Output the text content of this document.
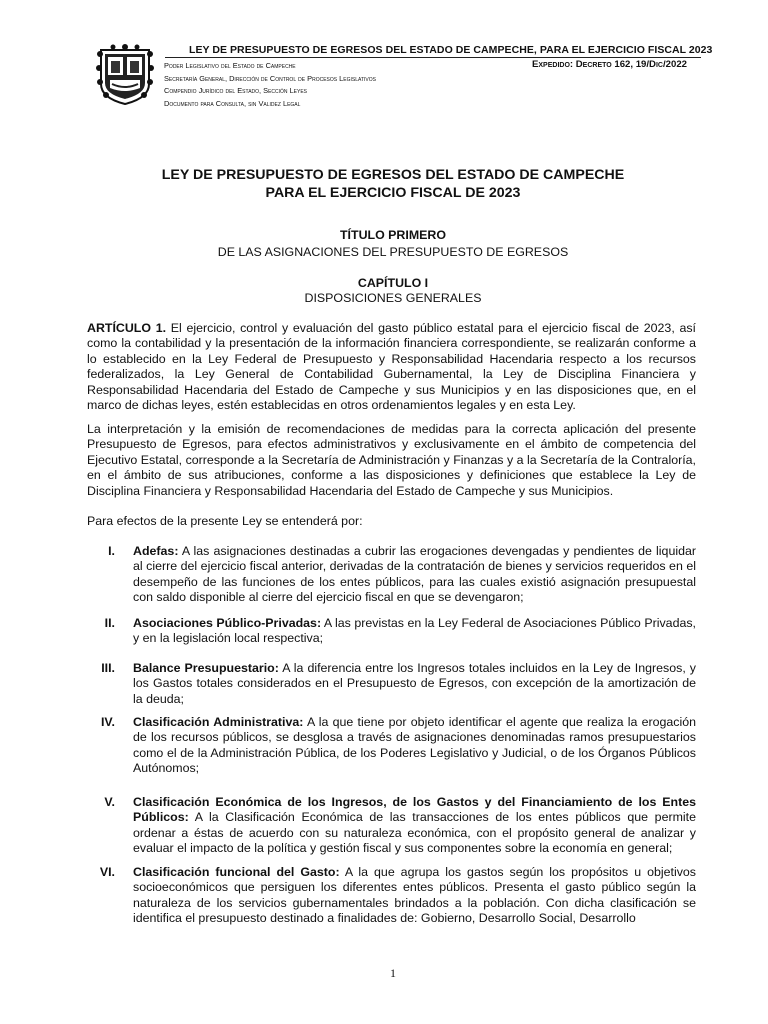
LEY DE PRESUPUESTO DE EGRESOS DEL ESTADO DE CAMPECHE, PARA EL EJERCICIO FISCAL 2023
Poder Legislativo del Estado de Campeche
Secretaría General, Dirección de Control de Procesos Legislativos
Compendio Jurídico del Estado, Sección Leyes
Documento para Consulta, sin Validez Legal
Expedido: Decreto 162, 19/Dic/2022
LEY DE PRESUPUESTO DE EGRESOS DEL ESTADO DE CAMPECHE
PARA EL EJERCICIO FISCAL DE 2023
TÍTULO PRIMERO
DE LAS ASIGNACIONES DEL PRESUPUESTO DE EGRESOS
CAPÍTULO I
DISPOSICIONES GENERALES

ARTÍCULO 1. El ejercicio, control y evaluación del gasto público estatal para el ejercicio fiscal de 2023, así como la contabilidad y la presentación de la información financiera correspondiente, se realizarán conforme a lo establecido en la Ley Federal de Presupuesto y Responsabilidad Hacendaria respecto a los recursos federalizados, la Ley General de Contabilidad Gubernamental, la Ley de Disciplina Financiera y Responsabilidad Hacendaria del Estado de Campeche y sus Municipios y en las disposiciones que, en el marco de dichas leyes, estén establecidas en otros ordenamientos legales y en esta Ley.

La interpretación y la emisión de recomendaciones de medidas para la correcta aplicación del presente Presupuesto de Egresos, para efectos administrativos y exclusivamente en el ámbito de competencia del Ejecutivo Estatal, corresponde a la Secretaría de Administración y Finanzas y a la Secretaría de la Contraloría, en el ámbito de sus atribuciones, conforme a las disposiciones y definiciones que establece la Ley de Disciplina Financiera y Responsabilidad Hacendaria del Estado de Campeche y sus Municipios.

Para efectos de la presente Ley se entenderá por:

I. Adefas: A las asignaciones destinadas a cubrir las erogaciones devengadas y pendientes de liquidar al cierre del ejercicio fiscal anterior, derivadas de la contratación de bienes y servicios requeridos en el desempeño de las funciones de los entes públicos, para las cuales existió asignación presupuestal con saldo disponible al cierre del ejercicio fiscal en que se devengaron;

II. Asociaciones Público-Privadas: A las previstas en la Ley Federal de Asociaciones Público Privadas, y en la legislación local respectiva;

III. Balance Presupuestario: A la diferencia entre los Ingresos totales incluidos en la Ley de Ingresos, y los Gastos totales considerados en el Presupuesto de Egresos, con excepción de la amortización de la deuda;

IV. Clasificación Administrativa: A la que tiene por objeto identificar el agente que realiza la erogación de los recursos públicos, se desglosa a través de asignaciones denominadas ramos presupuestarios como el de la Administración Pública, de los Poderes Legislativo y Judicial, o de los Órganos Públicos Autónomos;

V. Clasificación Económica de los Ingresos, de los Gastos y del Financiamiento de los Entes Públicos: A la Clasificación Económica de las transacciones de los entes públicos que permite ordenar a éstas de acuerdo con su naturaleza económica, con el propósito general de analizar y evaluar el impacto de la política y gestión fiscal y sus componentes sobre la economía en general;

VI. Clasificación funcional del Gasto: A la que agrupa los gastos según los propósitos u objetivos socioeconómicos que persiguen los diferentes entes públicos. Presenta el gasto público según la naturaleza de los servicios gubernamentales brindados a la población. Con dicha clasificación se identifica el presupuesto destinado a finalidades de: Gobierno, Desarrollo Social, Desarrollo

1
